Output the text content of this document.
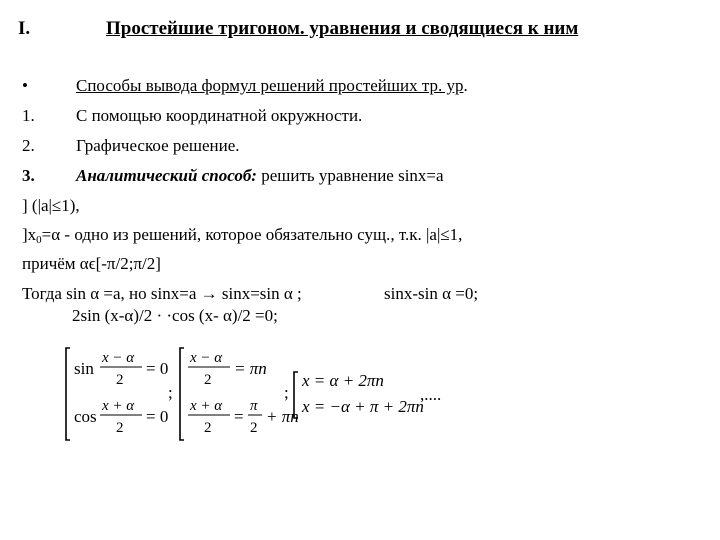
I.	Простейшие тригоном. уравнения и сводящиеся к ним
•	Способы вывода формул решений простейших тр. ур.
1. С помощью координатной окружности.
2. Графическое решение.
3. Аналитический способ: решить уравнение sinx=a
] (|a|≤1),
]$x_0=\alpha$ - одно из решений, которое обязательно сущ., т.к. |a|≤1,
причём αϵ[-π/2;π/2]
Тогда sin α =a, но sinx=a → sinx=sin α ;	sinx-sin α =0;
2sin (x-α)/2 · ·cos (x- α)/2 =0;
sin
x − α
2
= 0
cos
x + α
2
= 0
;
x − α
2
= πn
x + α
2
=
π
2
+ πn
;
x = α + 2πn
x = −α + π + 2πn
,....
